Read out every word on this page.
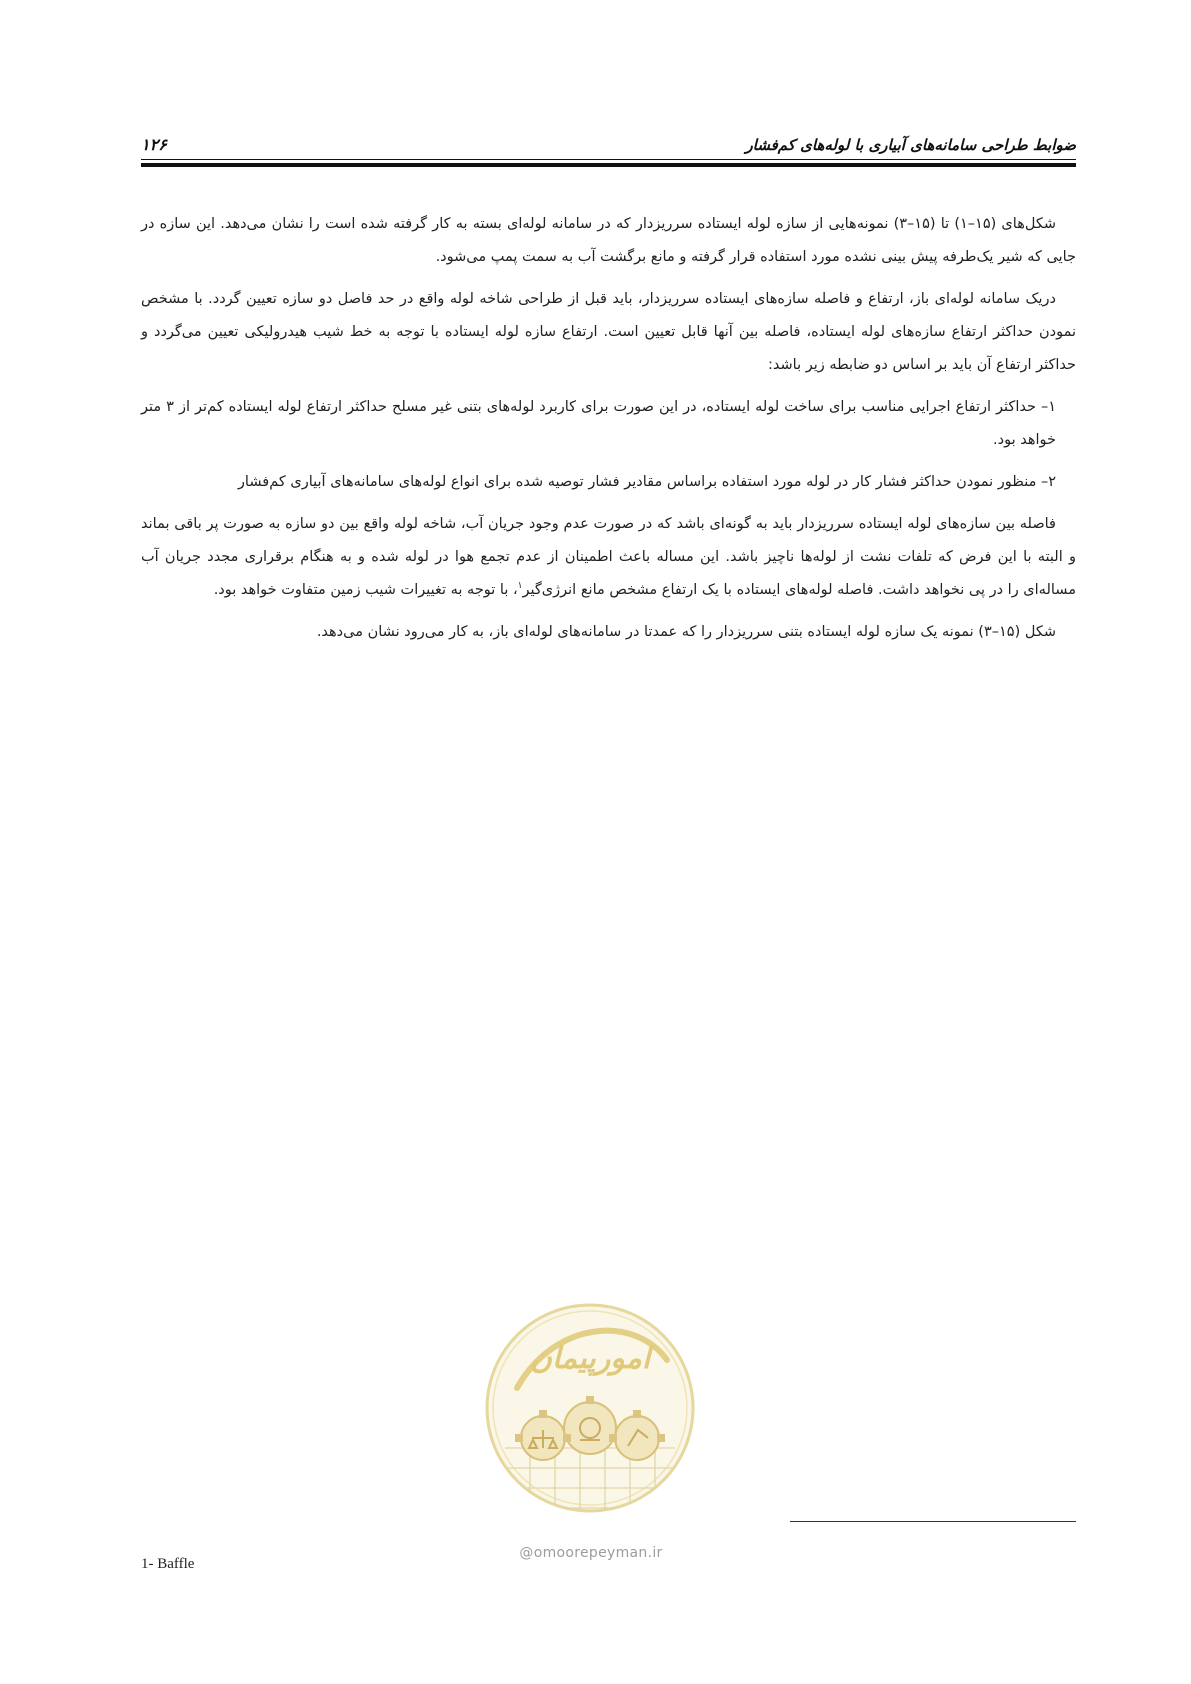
ضوابط طراحی سامانه‌های آبیاری با لوله‌های کم‌فشار
۱۲۶

شکل‌های (۱۵–۱) تا (۱۵–۳) نمونه‌هایی از سازه لوله ایستاده سرریزدار که در سامانه لوله‌ای بسته به کار گرفته شده است را نشان می‌دهد. این سازه در جایی که شیر یک‌طرفه پیش بینی نشده مورد استفاده قرار گرفته و مانع برگشت آب به سمت پمپ می‌شود.

دریک سامانه لوله‌ای باز، ارتفاع و فاصله سازه‌های ایستاده سرریزدار، باید قبل از طراحی شاخه لوله واقع در حد فاصل دو سازه تعیین گردد. با مشخص نمودن حداکثر ارتفاع سازه‌های لوله ایستاده، فاصله بین آنها قابل تعیین است. ارتفاع سازه لوله ایستاده با توجه به خط شیب هیدرولیکی تعیین می‌گردد و حداکثر ارتفاع آن باید بر اساس دو ضابطه زیر باشد:

۱– حداکثر ارتفاع اجرایی مناسب برای ساخت لوله ایستاده، در این صورت برای کاربرد لوله‌های بتنی غیر مسلح حداکثر ارتفاع لوله ایستاده کم‌تر از ۳ متر خواهد بود.

۲– منظور نمودن حداکثر فشار کار در لوله مورد استفاده براساس مقادیر فشار توصیه شده برای انواع لوله‌های سامانه‌های آبیاری کم‌فشار

فاصله بین سازه‌های لوله ایستاده سرریزدار باید به گونه‌ای باشد که در صورت عدم وجود جریان آب، شاخه لوله واقع بین دو سازه به صورت پر باقی بماند و البته با این فرض که تلفات نشت از لوله‌ها ناچیز باشد. این مساله باعث اطمینان از عدم تجمع هوا در لوله شده و به هنگام برقراری مجدد جریان آب مساله‌ای را در پی نخواهد داشت. فاصله لوله‌های ایستاده با یک ارتفاع مشخص مانع انرژی‌گیر$^۱$، با توجه به تغییرات شیب زمین متفاوت خواهد بود.

شکل (۱۵–۳) نمونه یک سازه لوله ایستاده بتنی سرریزدار را که عمدتا در سامانه‌های لوله‌ای باز، به کار می‌رود نشان می‌دهد.

امورپیمان
@omoorepeyman.ir
1- Baffle
